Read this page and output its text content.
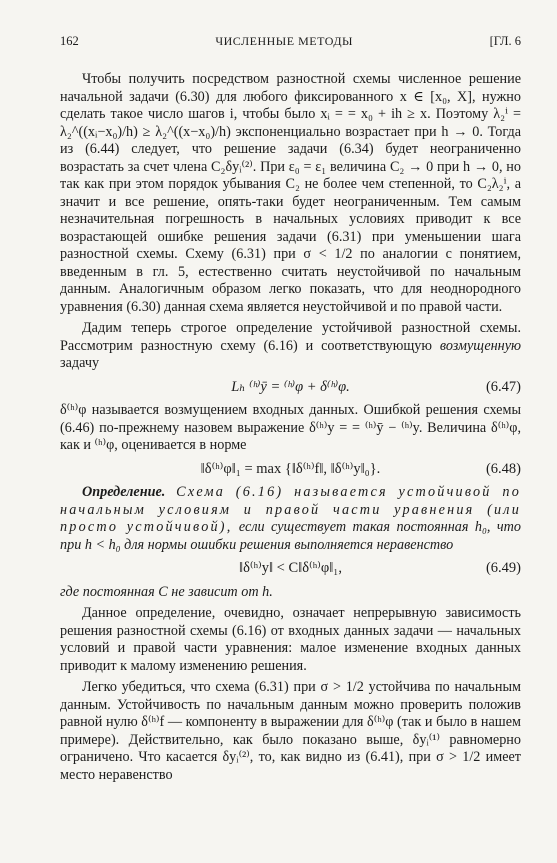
162	ЧИСЛЕННЫЕ МЕТОДЫ	[ГЛ. 6

Чтобы получить посредством разностной схемы численное решение начальной задачи (6.30) для любого фиксированного x ∈ [x₀, X], нужно сделать такое число шагов i, чтобы было xᵢ = = x₀ + ih ≥ x. Поэтому λ₂ⁱ = λ₂^((xᵢ−x₀)/h) ≥ λ₂^((x−x₀)/h) экспоненциально возрастает при h → 0. Тогда из (6.44) следует, что решение задачи (6.34) будет неограниченно возрастать за счет члена C₂δyᵢ⁽²⁾. При ε₀ = ε₁ величина C₂ → 0 при h → 0, но так как при этом порядок убывания C₂ не более чем степенной, то C₂λ₂ⁱ, а значит и все решение, опять-таки будет неограниченным. Тем самым незначительная погрешность в начальных условиях приводит к все возрастающей ошибке решения задачи (6.31) при уменьшении шага разностной схемы. Схему (6.31) при σ < 1/2 по аналогии с понятием, введенным в гл. 5, естественно считать неустойчивой по начальным данным. Аналогичным образом легко показать, что для неоднородного уравнения (6.30) данная схема является неустойчивой и по правой части.

Дадим теперь строгое определение устойчивой разностной схемы. Рассмотрим разностную схему (6.16) и соответствующую возмущенную задачу

Lₕ ⁽ʰ⁾ȳ = ⁽ʰ⁾φ + δ⁽ʰ⁾φ.	(6.47)

δ⁽ʰ⁾φ называется возмущением входных данных. Ошибкой решения схемы (6.46) по-прежнему назовем выражение δ⁽ʰ⁾y = = ⁽ʰ⁾ȳ − ⁽ʰ⁾y. Величина δ⁽ʰ⁾φ, как и ⁽ʰ⁾φ, оценивается в норме

‖δ⁽ʰ⁾φ‖₁ = max {‖δ⁽ʰ⁾f‖, ‖δ⁽ʰ⁾y‖₀}.	(6.48)

Определение. Схема (6.16) называется устойчивой по начальным условиям и правой части уравнения (или просто устойчивой), если существует такая постоянная h₀, что при h < h₀ для нормы ошибки решения выполняется неравенство

‖δ⁽ʰ⁾y‖ < C‖δ⁽ʰ⁾φ‖₁,	(6.49)

где постоянная C не зависит от h.

Данное определение, очевидно, означает непрерывную зависимость решения разностной схемы (6.16) от входных данных задачи — начальных условий и правой части уравнения: малое изменение входных данных приводит к малому изменению решения.

Легко убедиться, что схема (6.31) при σ > 1/2 устойчива по начальным данным. Устойчивость по начальным данным можно проверить положив равной нулю δ⁽ʰ⁾f — компоненту в выражении для δ⁽ʰ⁾φ (так и было в нашем примере). Действительно, как было показано выше, δyᵢ⁽¹⁾ равномерно ограничено. Что касается δyᵢ⁽²⁾, то, как видно из (6.41), при σ > 1/2 имеет место неравенство
